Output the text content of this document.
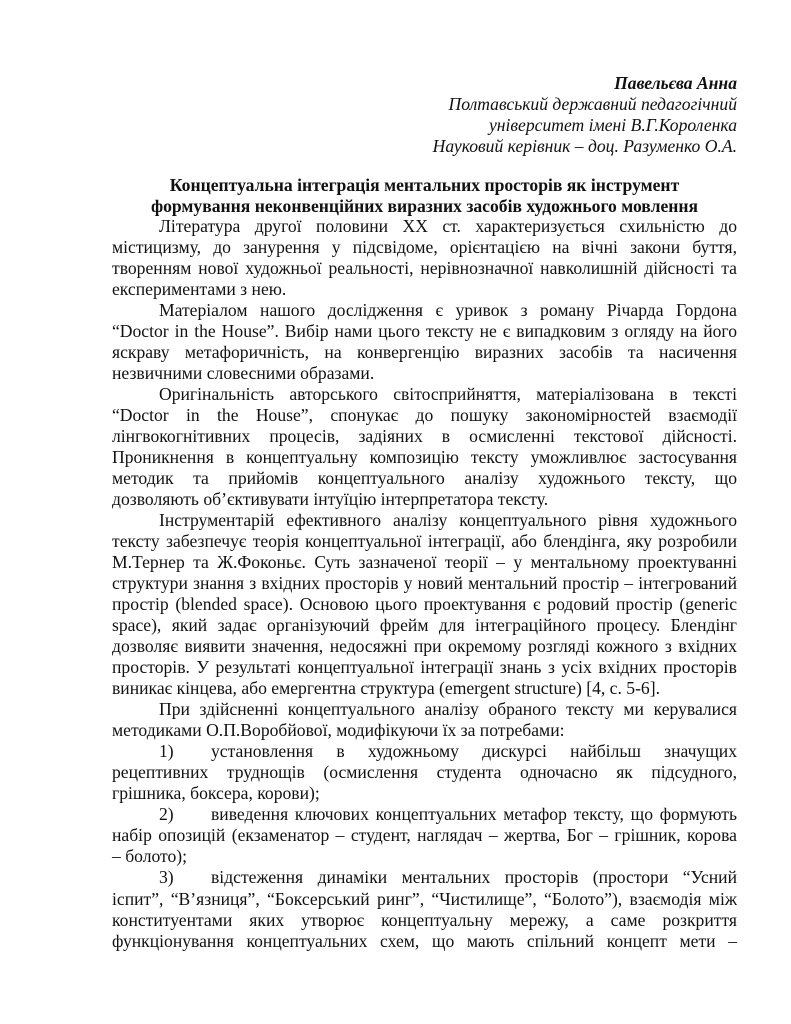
Павельєва Анна
Полтавський державний педагогічний
університет імені В.Г.Короленка
Науковий керівник – доц. Разуменко О.А.
Концептуальна інтеграція ментальних просторів як інструмент
формування неконвенційних виразних засобів художнього мовлення
Література другої половини XX ст. характеризується схильністю до
містицизму, до занурення у підсвідоме, орієнтацією на вічні закони буття,
творенням нової художньої реальності, нерівнозначної навколишній дійсності та
експериментами з нею.
Матеріалом нашого дослідження є уривок з роману Річарда Гордона
“Doctor in the House”. Вибір нами цього тексту не є випадковим з огляду на його
яскраву метафоричність, на конвергенцію виразних засобів та насичення
незвичними словесними образами.
Оригінальність авторського світосприйняття, матеріалізована в тексті
“Doctor in the House”, спонукає до пошуку закономірностей взаємодії
лінгвокогнітивних процесів, задіяних в осмисленні текстової дійсності.
Проникнення в концептуальну композицію тексту уможливлює застосування
методик та прийомів концептуального аналізу художнього тексту, що
дозволяють об’єктивувати інтуїцію інтерпретатора тексту.
Інструментарій ефективного аналізу концептуального рівня художнього
тексту забезпечує теорія концептуальної інтеграції, або блендінга, яку розробили
М.Тернер та Ж.Фоконьє. Суть зазначеної теорії – у ментальному проектуванні
структури знання з вхідних просторів у новий ментальний простір – інтегрований
простір (blended space). Основою цього проектування є родовий простір (generic
space), який задає організуючий фрейм для інтеграційного процесу. Блендінг
дозволяє виявити значення, недосяжні при окремому розгляді кожного з вхідних
просторів. У результаті концептуальної інтеграції знань з усіх вхідних просторів
виникає кінцева, або емергентна структура (emergent structure) [4, с. 5-6].
При здійсненні концептуального аналізу обраного тексту ми керувалися
методиками О.П.Воробйової, модифікуючи їх за потребами:
1) установлення в художньому дискурсі найбільш значущих
рецептивних труднощів (осмислення студента одночасно як підсудного,
грішника, боксера, корови);
2) виведення ключових концептуальних метафор тексту, що формують
набір опозицій (екзаменатор – студент, наглядач – жертва, Бог – грішник, корова
– болото);
3) відстеження динаміки ментальних просторів (простори “Усний
іспит”, “В’язниця”, “Боксерський ринг”, “Чистилище”, “Болото”), взаємодія між
конституентами яких утворює концептуальну мережу, а саме розкриття
функціонування концептуальних схем, що мають спільний концепт мети –
